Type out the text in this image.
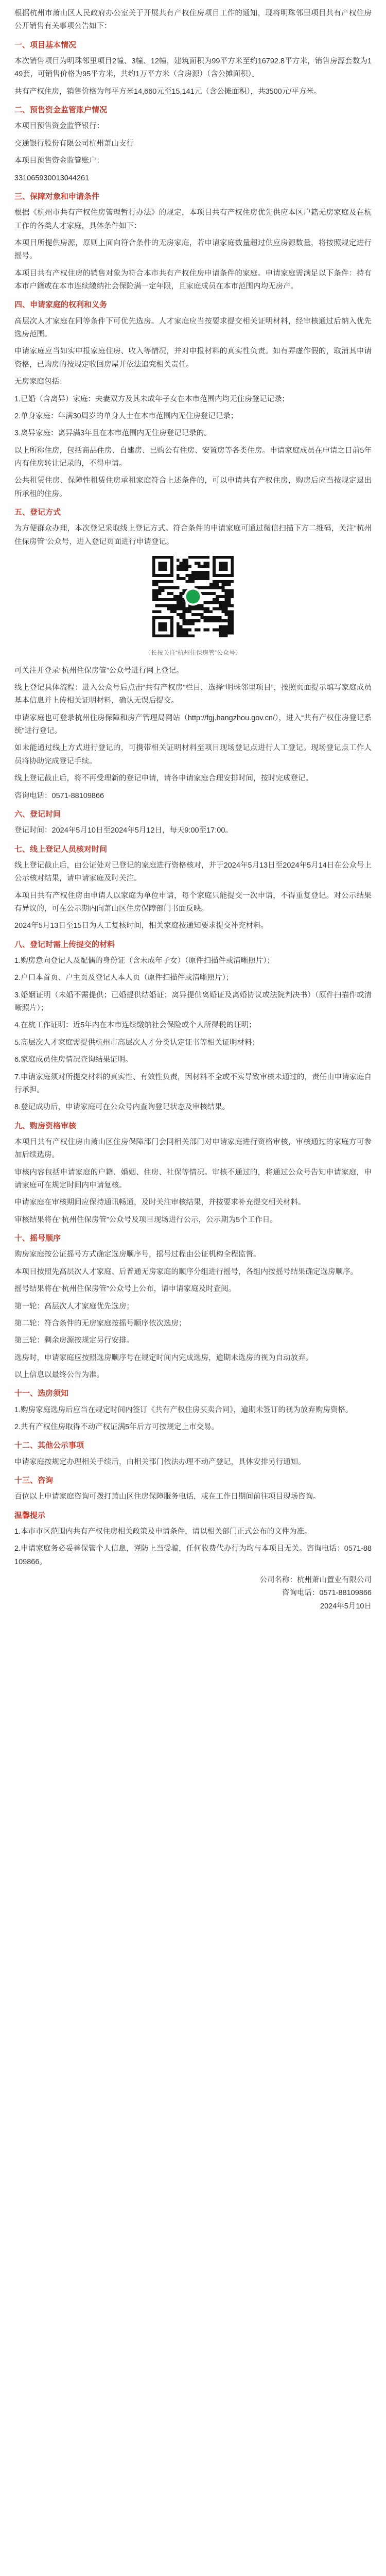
根据杭州市萧山区人民政府办公室关于开展共有产权住房项目工作的通知，现将明珠邻里项目共有产权住房公开销售有关事项公告如下：

一、项目基本情况

本次销售项目为明珠邻里项目2幢、3幢、12幢，建筑面积为99平方米至约16792.8平方米，销售房源套数为149套，可销售价格为95平方米，共约1万平方米（含房源）（含公摊面积）。

共有产权住房，销售价格为每平方米14,660元至15,141元（含公摊面积），共3500元/平方米。

二、预售资金监管账户情况

本项目预售资金监管银行：

交通银行股份有限公司杭州萧山支行

本项目预售资金监管账户：

331065930013044261

三、保障对象和申请条件

根据《杭州市共有产权住房管理暂行办法》的规定，本项目共有产权住房优先供应本区户籍无房家庭及在杭工作的各类人才家庭，具体条件如下：

本项目所提供房源，原则上面向符合条件的无房家庭，若申请家庭数量超过供应房源数量，将按照规定进行摇号。

本项目共有产权住房的销售对象为符合本市共有产权住房申请条件的家庭。申请家庭需满足以下条件：持有本市户籍或在本市连续缴纳社会保险满一定年限，且家庭成员在本市范围内均无房产。

四、申请家庭的权利和义务

高层次人才家庭在同等条件下可优先选房。人才家庭应当按要求提交相关证明材料，经审核通过后纳入优先选房范围。

申请家庭应当如实申报家庭住房、收入等情况，并对申报材料的真实性负责。如有弄虚作假的，取消其申请资格，已购房的按规定收回房屋并依法追究相关责任。

无房家庭包括：

1.已婚（含离异）家庭：夫妻双方及其未成年子女在本市范围内均无住房登记记录；

2.单身家庭：年满30周岁的单身人士在本市范围内无住房登记记录；

3.离异家庭：离异满3年且在本市范围内无住房登记记录的。

以上所称住房，包括商品住房、自建房、已购公有住房、安置房等各类住房。申请家庭成员在申请之日前5年内有住房转让记录的，不得申请。

公共租赁住房、保障性租赁住房承租家庭符合上述条件的，可以申请共有产权住房，购房后应当按规定退出所承租的住房。

五、登记方式

为方便群众办理，本次登记采取线上登记方式。符合条件的申请家庭可通过微信扫描下方二维码，关注“杭州住保房管”公众号，进入登记页面进行申请登记。

（长按关注“杭州住保房管”公众号）

可关注并登录“杭州住保房管”公众号进行网上登记。

线上登记具体流程：进入公众号后点击“共有产权房”栏目，选择“明珠邻里项目”，按照页面提示填写家庭成员基本信息并上传相关证明材料，确认无误后提交。

申请家庭也可登录杭州住房保障和房产管理局网站（http://fgj.hangzhou.gov.cn/），进入“共有产权住房登记系统”进行登记。

如未能通过线上方式进行登记的，可携带相关证明材料至项目现场登记点进行人工登记。现场登记点工作人员将协助完成登记手续。

线上登记截止后，将不再受理新的登记申请，请各申请家庭合理安排时间，按时完成登记。

咨询电话：0571-88109866

六、登记时间

登记时间：2024年5月10日至2024年5月12日，每天9:00至17:00。

七、线上登记人员核对时间

线上登记截止后，由公证处对已登记的家庭进行资格核对，并于2024年5月13日至2024年5月14日在公众号上公示核对结果，请申请家庭及时关注。

本项目共有产权住房由申请人以家庭为单位申请，每个家庭只能提交一次申请，不得重复登记。对公示结果有异议的，可在公示期内向萧山区住房保障部门书面反映。

2024年5月13日至15日为人工复核时间，相关家庭按通知要求提交补充材料。

八、登记时需上传提交的材料

1.购房意向登记人及配偶的身份证（含未成年子女）（原件扫描件或清晰照片）；

2.户口本首页、户主页及登记人本人页（原件扫描件或清晰照片）；

3.婚姻证明（未婚不需提供；已婚提供结婚证；离异提供离婚证及离婚协议或法院判决书）（原件扫描件或清晰照片）；

4.在杭工作证明：近5年内在本市连续缴纳社会保险或个人所得税的证明；

5.高层次人才家庭需提供杭州市高层次人才分类认定证书等相关证明材料；

6.家庭成员住房情况查询结果证明。

7.申请家庭须对所提交材料的真实性、有效性负责，因材料不全或不实导致审核未通过的，责任由申请家庭自行承担。

8.登记成功后，申请家庭可在公众号内查询登记状态及审核结果。

九、购房资格审核

本项目共有产权住房由萧山区住房保障部门会同相关部门对申请家庭进行资格审核，审核通过的家庭方可参加后续选房。

审核内容包括申请家庭的户籍、婚姻、住房、社保等情况。审核不通过的，将通过公众号告知申请家庭，申请家庭可在规定时间内申请复核。

申请家庭在审核期间应保持通讯畅通，及时关注审核结果，并按要求补充提交相关材料。

审核结果将在“杭州住保房管”公众号及项目现场进行公示，公示期为5个工作日。

十、摇号顺序

购房家庭按公证摇号方式确定选房顺序号，摇号过程由公证机构全程监督。

本项目按照先高层次人才家庭、后普通无房家庭的顺序分组进行摇号，各组内按摇号结果确定选房顺序。

摇号结果将在“杭州住保房管”公众号上公布，请申请家庭及时查阅。

第一轮：高层次人才家庭优先选房；

第二轮：符合条件的无房家庭按摇号顺序依次选房；

第三轮：剩余房源按规定另行安排。

选房时，申请家庭应按照选房顺序号在规定时间内完成选房，逾期未选房的视为自动放弃。

以上信息以最终公告为准。

十一、选房须知

1.购房家庭选房后应当在规定时间内签订《共有产权住房买卖合同》，逾期未签订的视为放弃购房资格。

2.共有产权住房取得不动产权证满5年后方可按规定上市交易。

十二、其他公示事项

申请家庭按规定办理相关手续后，由相关部门依法办理不动产登记，具体安排另行通知。

十三、咨询

百位以上申请家庭咨询可拨打萧山区住房保障服务电话，或在工作日期间前往项目现场咨询。

温馨提示

1.本市市区范围内共有产权住房相关政策及申请条件，请以相关部门正式公布的文件为准。

2.申请家庭务必妥善保管个人信息，谨防上当受骗，任何收费代办行为均与本项目无关。咨询电话：0571-88109866。

公司名称：杭州萧山置业有限公司
咨询电话：0571-88109866
2024年5月10日
